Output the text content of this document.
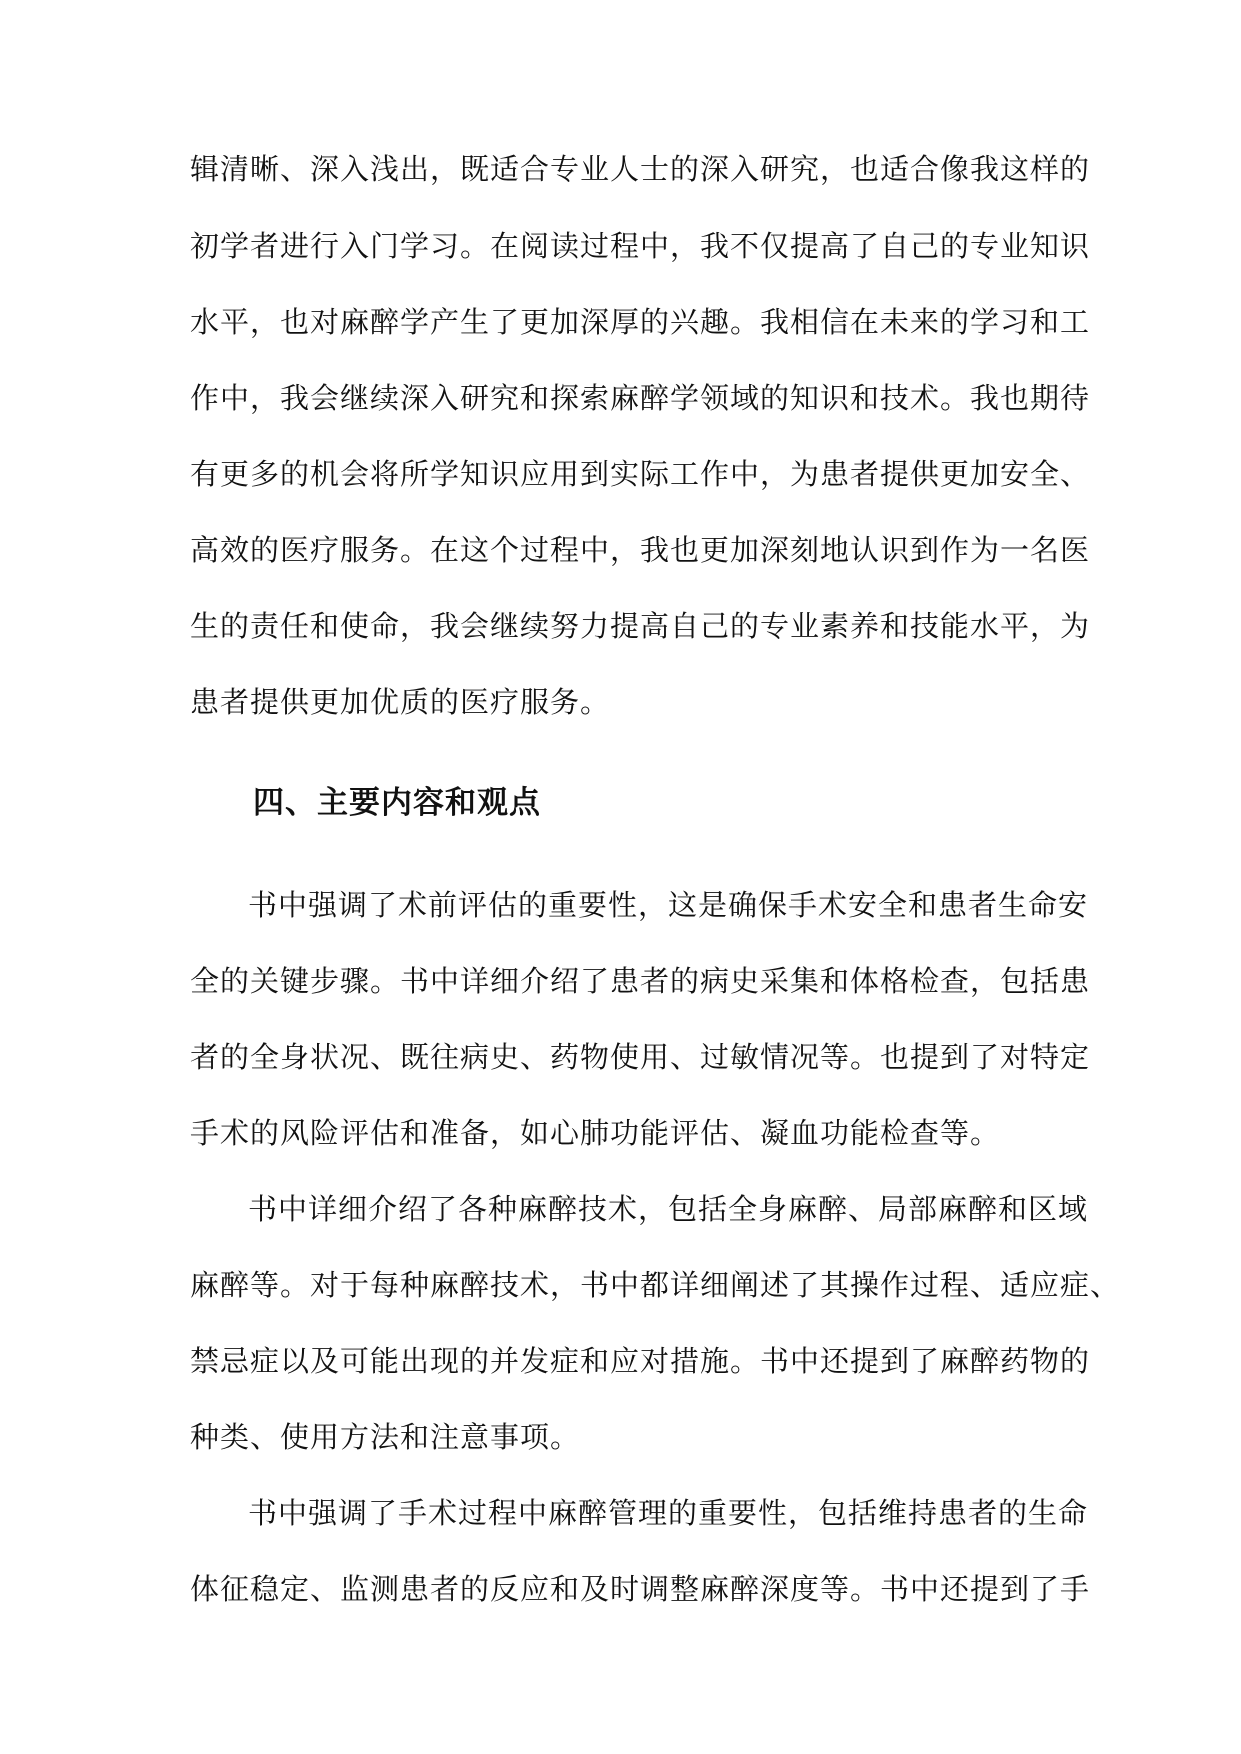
辑清晰、深入浅出，既适合专业人士的深入研究，也适合像我这样的
初学者进行入门学习。在阅读过程中，我不仅提高了自己的专业知识
水平，也对麻醉学产生了更加深厚的兴趣。我相信在未来的学习和工
作中，我会继续深入研究和探索麻醉学领域的知识和技术。我也期待
有更多的机会将所学知识应用到实际工作中，为患者提供更加安全、
高效的医疗服务。在这个过程中，我也更加深刻地认识到作为一名医
生的责任和使命，我会继续努力提高自己的专业素养和技能水平，为
患者提供更加优质的医疗服务。
四、主要内容和观点
书中强调了术前评估的重要性，这是确保手术安全和患者生命安
全的关键步骤。书中详细介绍了患者的病史采集和体格检查，包括患
者的全身状况、既往病史、药物使用、过敏情况等。也提到了对特定
手术的风险评估和准备，如心肺功能评估、凝血功能检查等。
书中详细介绍了各种麻醉技术，包括全身麻醉、局部麻醉和区域
麻醉等。对于每种麻醉技术，书中都详细阐述了其操作过程、适应症、
禁忌症以及可能出现的并发症和应对措施。书中还提到了麻醉药物的
种类、使用方法和注意事项。
书中强调了手术过程中麻醉管理的重要性，包括维持患者的生命
体征稳定、监测患者的反应和及时调整麻醉深度等。书中还提到了手
